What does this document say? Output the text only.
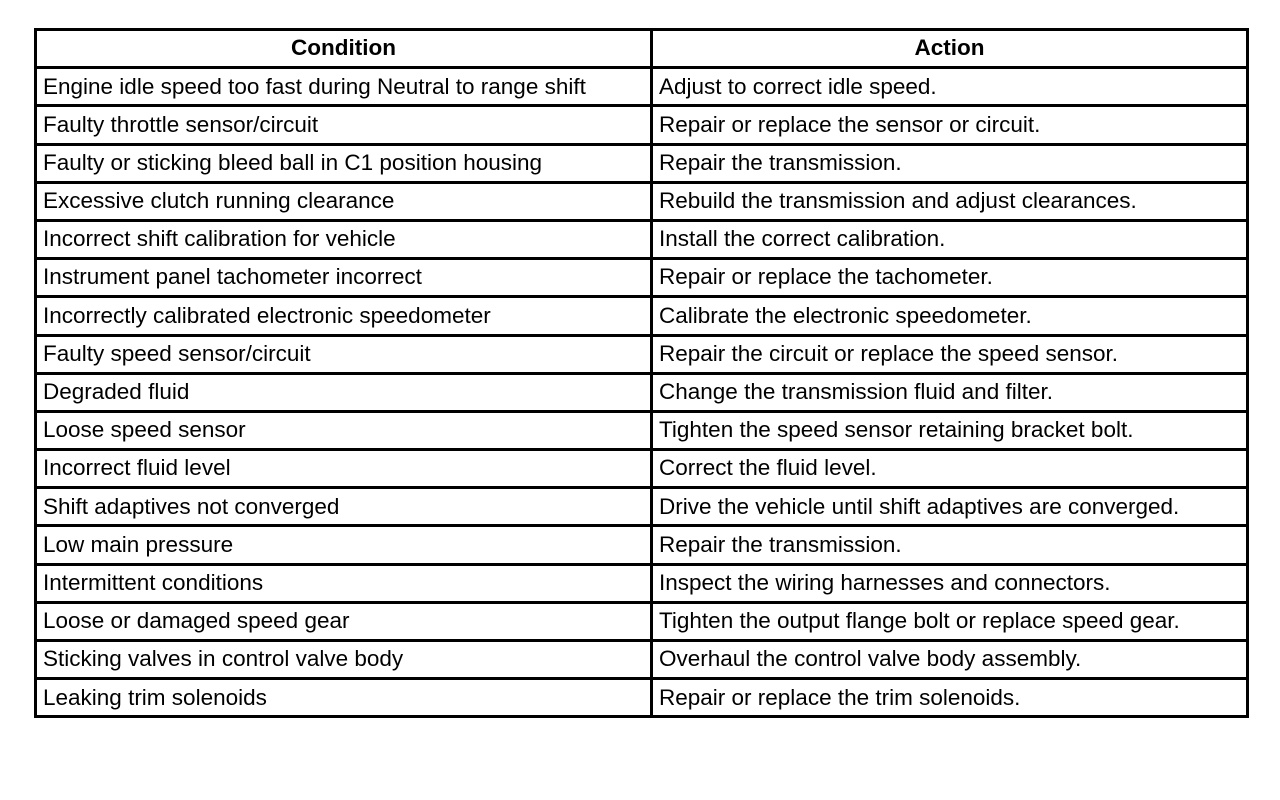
Condition	Action
Engine idle speed too fast during Neutral to range shift	Adjust to correct idle speed.
Faulty throttle sensor/circuit	Repair or replace the sensor or circuit.
Faulty or sticking bleed ball in C1 position housing	Repair the transmission.
Excessive clutch running clearance	Rebuild the transmission and adjust clearances.
Incorrect shift calibration for vehicle	Install the correct calibration.
Instrument panel tachometer incorrect	Repair or replace the tachometer.
Incorrectly calibrated electronic speedometer	Calibrate the electronic speedometer.
Faulty speed sensor/circuit	Repair the circuit or replace the speed sensor.
Degraded fluid	Change the transmission fluid and filter.
Loose speed sensor	Tighten the speed sensor retaining bracket bolt.
Incorrect fluid level	Correct the fluid level.
Shift adaptives not converged	Drive the vehicle until shift adaptives are converged.
Low main pressure	Repair the transmission.
Intermittent conditions	Inspect the wiring harnesses and connectors.
Loose or damaged speed gear	Tighten the output flange bolt or replace speed gear.
Sticking valves in control valve body	Overhaul the control valve body assembly.
Leaking trim solenoids	Repair or replace the trim solenoids.
